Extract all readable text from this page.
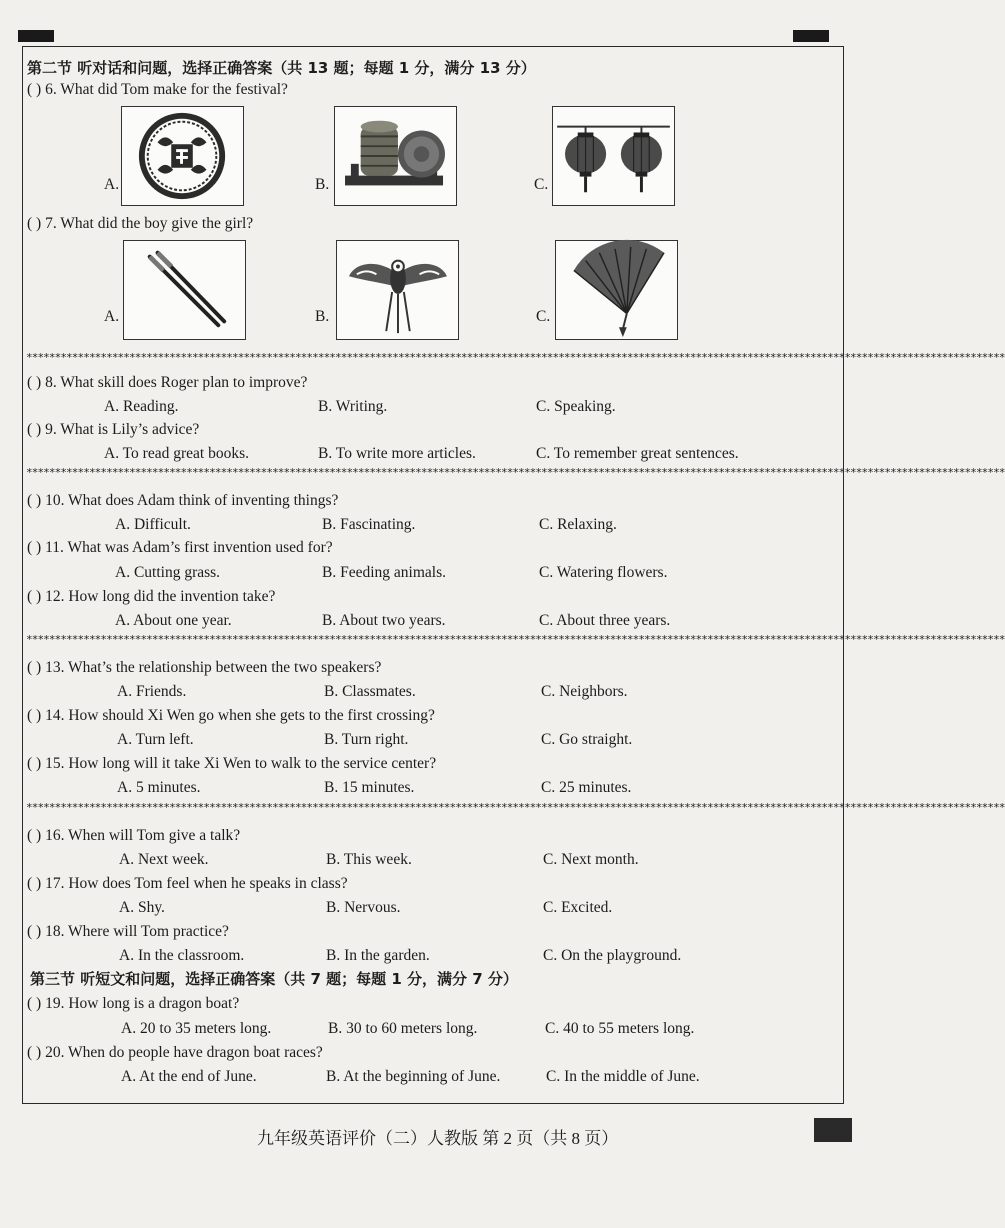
第二节 听对话和问题，选择正确答案（共 13 题；每题 1 分，满分 13 分）
( ) 6. What did Tom make for the festival?
A.	B.	C.
( ) 7. What did the boy give the girl?
A.	B.	C.
***************************************************************************************************************************************************************************
( ) 8. What skill does Roger plan to improve?
A. Reading.	B. Writing.	C. Speaking.
( ) 9. What is Lily’s advice?
A. To read great books.	B. To write more articles.	C. To remember great sentences.
***************************************************************************************************************************************************************************
( ) 10. What does Adam think of inventing things?
A. Difficult.	B. Fascinating.	C. Relaxing.
( ) 11. What was Adam’s first invention used for?
A. Cutting grass.	B. Feeding animals.	C. Watering flowers.
( ) 12. How long did the invention take?
A. About one year.	B. About two years.	C. About three years.
***************************************************************************************************************************************************************************
( ) 13. What’s the relationship between the two speakers?
A. Friends.	B. Classmates.	C. Neighbors.
( ) 14. How should Xi Wen go when she gets to the first crossing?
A. Turn left.	B. Turn right.	C. Go straight.
( ) 15. How long will it take Xi Wen to walk to the service center?
A. 5 minutes.	B. 15 minutes.	C. 25 minutes.
***************************************************************************************************************************************************************************
( ) 16. When will Tom give a talk?
A. Next week.	B. This week.	C. Next month.
( ) 17. How does Tom feel when he speaks in class?
A. Shy.	B. Nervous.	C. Excited.
( ) 18. Where will Tom practice?
A. In the classroom.	B. In the garden.	C. On the playground.
第三节 听短文和问题，选择正确答案（共 7 题；每题 1 分，满分 7 分）
( ) 19. How long is a dragon boat?
A. 20 to 35 meters long.	B. 30 to 60 meters long.	C. 40 to 55 meters long.
( ) 20. When do people have dragon boat races?
A. At the end of June.	B. At the beginning of June.	C. In the middle of June.
九年级英语评价（二）人教版 第 2 页（共 8 页）
